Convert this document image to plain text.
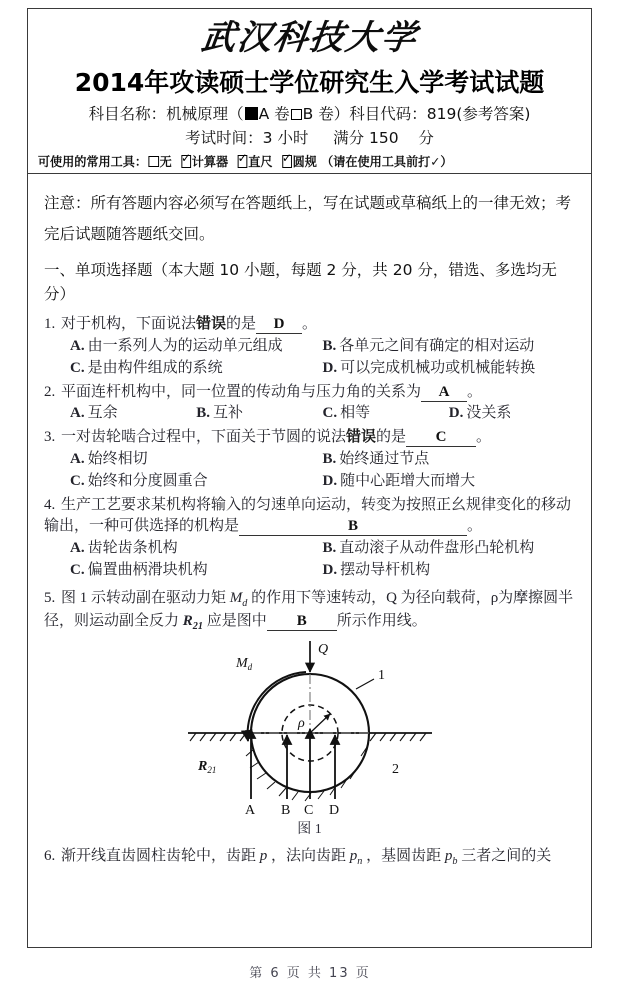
武汉科技大学
2014年攻读硕士学位研究生入学考试试题
科目名称：机械原理（ A 卷 B 卷）科目代码：819(参考答案)
考试时间：3 小时 满分 150 分
可使用的常用工具： 无 ✓ 计算器 ✓ 直尺 ✓ 圆规 （请在使用工具前打✓）
注意：所有答题内容必须写在答题纸上，写在试题或草稿纸上的一律无效；考完后试题随答题纸交回。
一、单项选择题（本大题 10 小题，每题 2 分，共 20 分，错选、多选均无分）
1. 对于机构，下面说法错误的是 D 。
A. 由一系列人为的运动单元组成	B. 各单元之间有确定的相对运动
C. 是由构件组成的系统	D. 可以完成机械功或机械能转换
2. 平面连杆机构中，同一位置的传动角与压力角的关系为 A 。
A. 互余	B. 互补	C. 相等	D. 没关系
3. 一对齿轮啮合过程中，下面关于节圆的说法错误的是 C 。
A. 始终相切	B. 始终通过节点
C. 始终和分度圆重合	D. 随中心距增大而增大
4. 生产工艺要求某机构将输入的匀速单向运动，转变为按照正幺规律变化的移动输出，一种可供选择的机构是	B	。
A. 齿轮齿条机构	B. 直动滚子从动件盘形凸轮机构
C. 偏置曲柄滑块机构	D. 摆动导杆机构
5. 图 1 示转动副在驱动力矩 $M_d$ 的作用下等速转动，Q 为径向载荷，ρ为摩擦圆半径，则运动副全反力 $R_{21}$ 应是图中 B 所示作用线。
Q
$M_d$
ρ
1
2
$R_{21}$
A B C D
图 1
6. 渐开线直齿圆柱齿轮中，齿距 p ，法向齿距 $p_n$ ，基圆齿距 $p_b$ 三者之间的关
第 6 页 共 13 页
